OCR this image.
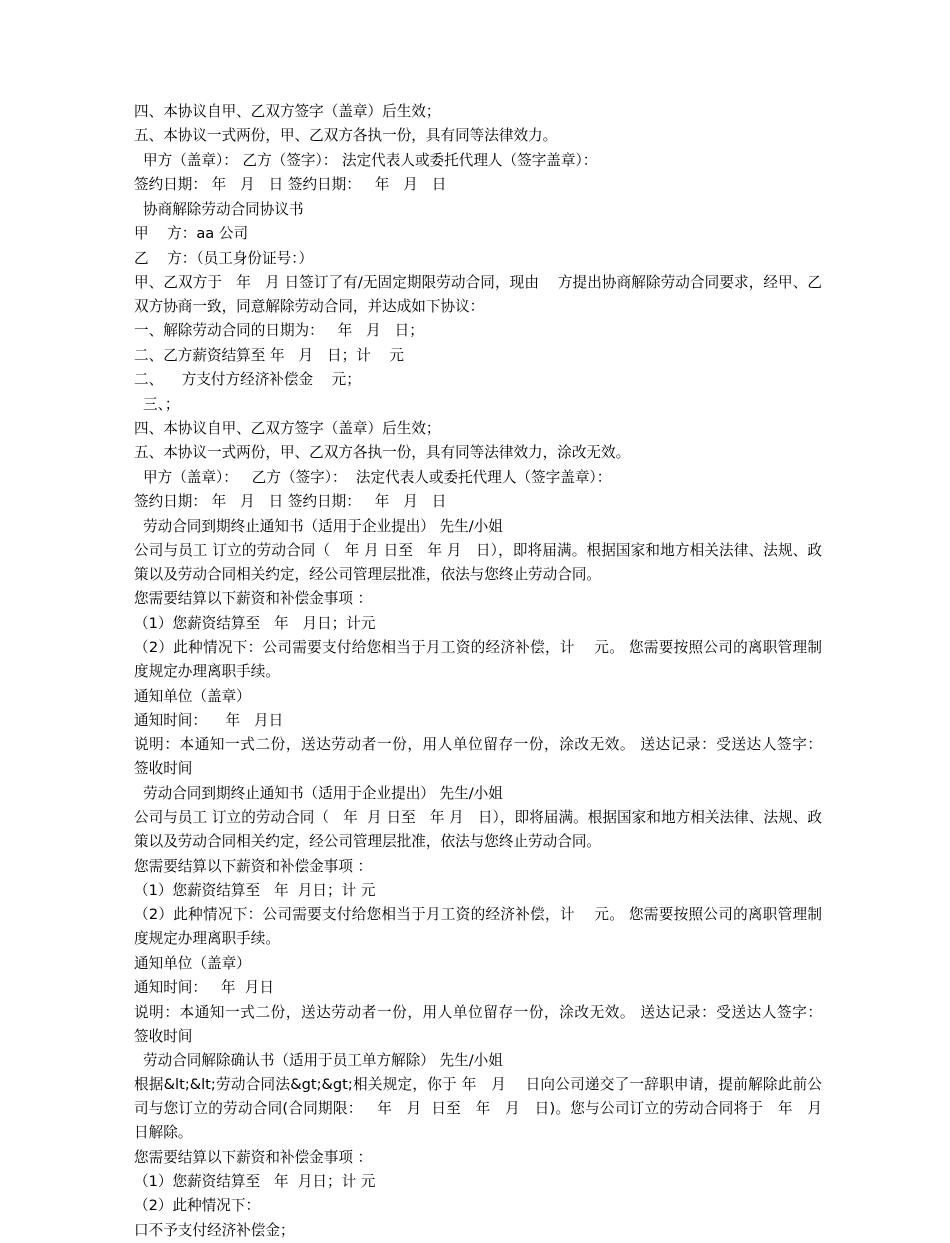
四、本协议自甲、乙双方签字（盖章）后生效；

五、本协议一式两份，甲、乙双方各执一份，具有同等法律效力。

甲方（盖章）： 乙方（签字）： 法定代表人或委托代理人（签字盖章）：

签约日期： 年   月   日 签约日期：   年   月   日

协商解除劳动合同协议书

甲    方：aa 公司

乙    方：（员工身份证号：）

甲、乙双方于   年   月 日签订了有/无固定期限劳动合同，现由    方提出协商解除劳动合同要求，经甲、乙双方协商一致，同意解除劳动合同，并达成如下协议：

一、解除劳动合同的日期为：   年   月   日；

二、乙方薪资结算至 年   月   日；计    元

二、    方支付方经济补偿金    元；

三、；

四、本协议自甲、乙双方签字（盖章）后生效；

五、本协议一式两份，甲、乙双方各执一份，具有同等法律效力，涂改无效。

甲方（盖章）：   乙方（签字）：  法定代表人或委托代理人（签字盖章）：

签约日期： 年   月   日 签约日期：   年   月   日

劳动合同到期终止通知书（适用于企业提出） 先生/小姐

公司与员工 订立的劳动合同（   年 月 日至   年 月   日），即将届满。根据国家和地方相关法律、法规、政策以及劳动合同相关约定，经公司管理层批准，依法与您终止劳动合同。

您需要结算以下薪资和补偿金事项 ：

（1）您薪资结算至   年   月日；计元

（2）此种情况下：公司需要支付给您相当于月工资的经济补偿，计    元。 您需要按照公司的离职管理制度规定办理离职手续。

通知单位（盖章）

通知时间：    年   月日

说明：本通知一式二份，送达劳动者一份，用人单位留存一份，涂改无效。 送达记录：受送达人签字：   签收时间

劳动合同到期终止通知书（适用于企业提出） 先生/小姐

公司与员工 订立的劳动合同（   年  月 日至   年 月   日），即将届满。根据国家和地方相关法律、法规、政策以及劳动合同相关约定，经公司管理层批准，依法与您终止劳动合同。

您需要结算以下薪资和补偿金事项 ：

（1）您薪资结算至   年  月日；计 元

（2）此种情况下：公司需要支付给您相当于月工资的经济补偿，计    元。 您需要按照公司的离职管理制度规定办理离职手续。

通知单位（盖章）

通知时间：   年  月日

说明：本通知一式二份，送达劳动者一份，用人单位留存一份，涂改无效。 送达记录：受送达人签字：   签收时间

劳动合同解除确认书（适用于员工单方解除） 先生/小姐

根据&lt;&lt;劳动合同法&gt;&gt;相关规定，你于 年   月    日向公司递交了一辞职申请，提前解除此前公司与您订立的劳动合同(合同期限：   年   月  日至   年   月   日)。您与公司订立的劳动合同将于   年   月   日解除。

您需要结算以下薪资和补偿金事项 ：

（1）您薪资结算至   年  月日；计 元

（2）此种情况下：

口不予支付经济补偿金；
